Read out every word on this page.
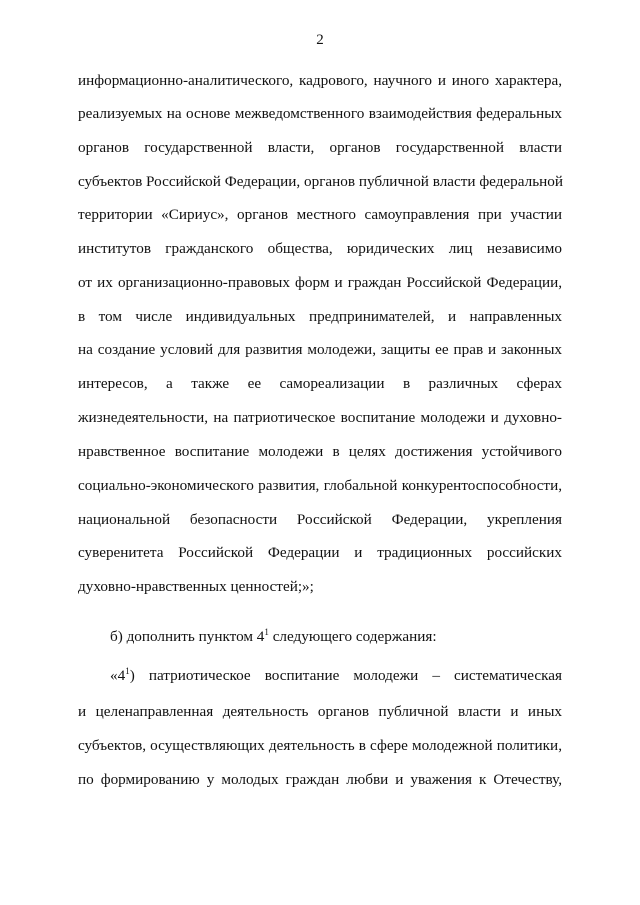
2
информационно-аналитического, кадрового, научного и иного характера,
реализуемых на основе межведомственного взаимодействия федеральных
органов государственной власти, органов государственной власти
субъектов Российской Федерации, органов публичной власти федеральной
территории «Сириус», органов местного самоуправления при участии
институтов гражданского общества, юридических лиц независимо
от их организационно-правовых форм и граждан Российской Федерации,
в том числе индивидуальных предпринимателей, и направленных
на создание условий для развития молодежи, защиты ее прав и законных
интересов, а также ее самореализации в различных сферах
жизнедеятельности, на патриотическое воспитание молодежи и духовно-
нравственное воспитание молодежи в целях достижения устойчивого
социально-экономического развития, глобальной конкурентоспособности,
национальной безопасности Российской Федерации, укрепления
суверенитета Российской Федерации и традиционных российских
духовно-нравственных ценностей;»;
б) дополнить пунктом $4^1$ следующего содержания:
«$4^1$) патриотическое воспитание молодежи – систематическая
и целенаправленная деятельность органов публичной власти и иных
субъектов, осуществляющих деятельность в сфере молодежной политики,
по формированию у молодых граждан любви и уважения к Отечеству,
